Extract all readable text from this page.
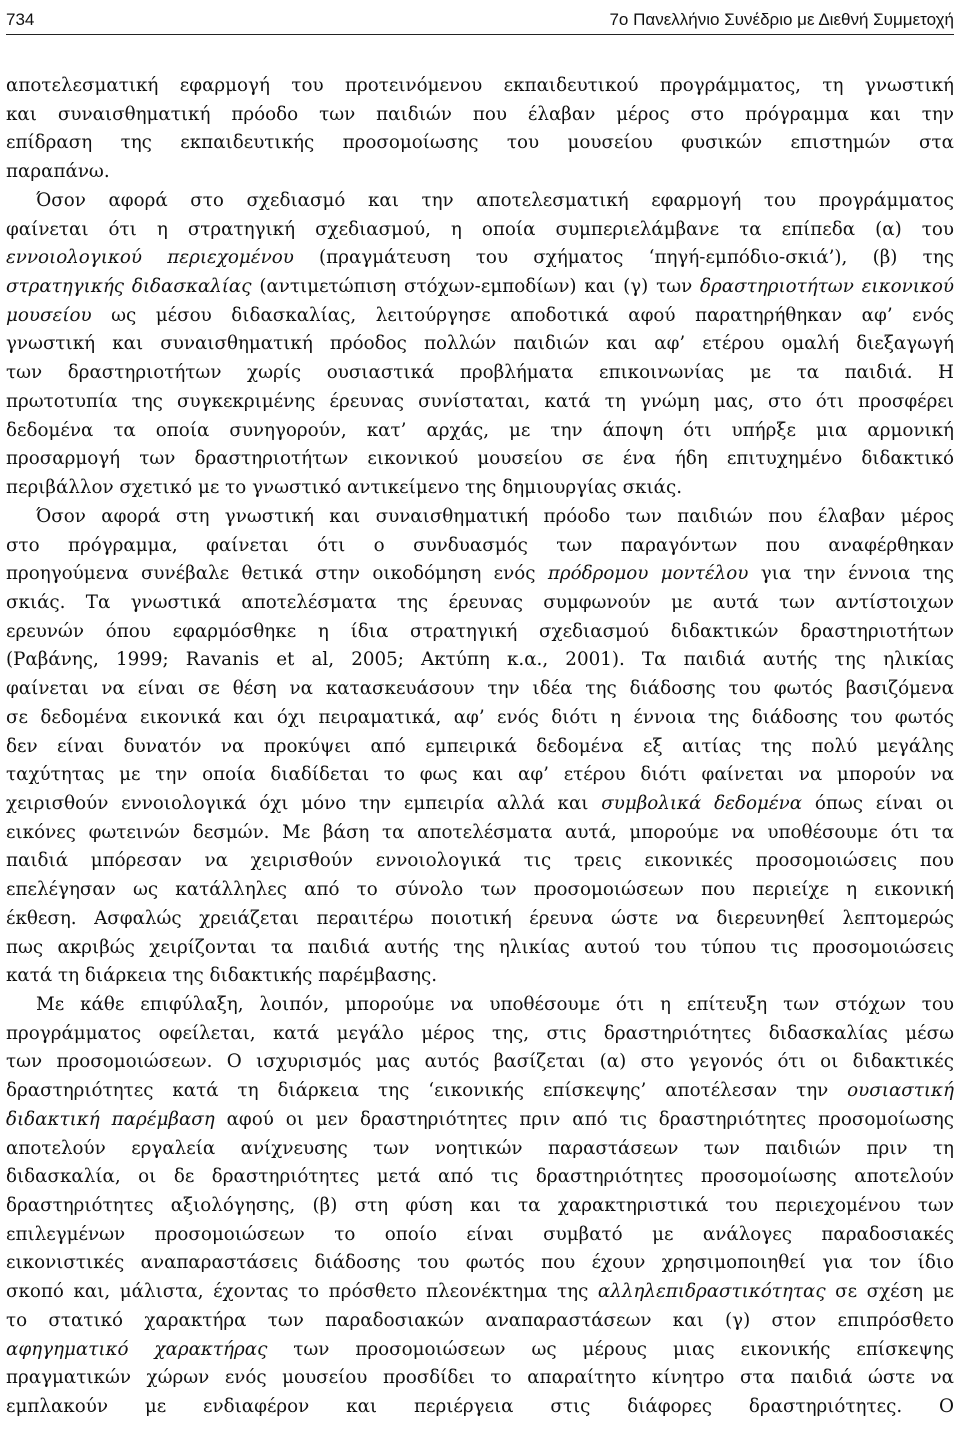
734	7ο Πανελλήνιο Συνέδριο με Διεθνή Συμμετοχή

αποτελεσματική εφαρμογή του προτεινόμενου εκπαιδευτικού προγράμματος, τη γνωστική

και συναισθηματική πρόοδο των παιδιών που έλαβαν μέρος στο πρόγραμμα και την

επίδραση της εκπαιδευτικής προσομοίωσης του μουσείου φυσικών επιστημών στα

παραπάνω.

Όσον αφορά στο σχεδιασμό και την αποτελεσματική εφαρμογή του προγράμματος

φαίνεται ότι η στρατηγική σχεδιασμού, η οποία συμπεριελάμβανε τα επίπεδα (α) του

εννοιολογικού περιεχομένου (πραγμάτευση του σχήματος ‘πηγή-εμπόδιο-σκιά’), (β) της

στρατηγικής διδασκαλίας (αντιμετώπιση στόχων-εμποδίων) και (γ) των δραστηριοτήτων εικονικού

μουσείου ως μέσου διδασκαλίας, λειτούργησε αποδοτικά αφού παρατηρήθηκαν αφ’ ενός

γνωστική και συναισθηματική πρόοδος πολλών παιδιών και αφ’ ετέρου ομαλή διεξαγωγή

των δραστηριοτήτων χωρίς ουσιαστικά προβλήματα επικοινωνίας με τα παιδιά. Η

πρωτοτυπία της συγκεκριμένης έρευνας συνίσταται, κατά τη γνώμη μας, στο ότι προσφέρει

δεδομένα τα οποία συνηγορούν, κατ’ αρχάς, με την άποψη ότι υπήρξε μια αρμονική

προσαρμογή των δραστηριοτήτων εικονικού μουσείου σε ένα ήδη επιτυχημένο διδακτικό

περιβάλλον σχετικό με το γνωστικό αντικείμενο της δημιουργίας σκιάς.

Όσον αφορά στη γνωστική και συναισθηματική πρόοδο των παιδιών που έλαβαν μέρος

στο πρόγραμμα, φαίνεται ότι ο συνδυασμός των παραγόντων που αναφέρθηκαν

προηγούμενα συνέβαλε θετικά στην οικοδόμηση ενός πρόδρομου μοντέλου για την έννοια της

σκιάς. Τα γνωστικά αποτελέσματα της έρευνας συμφωνούν με αυτά των αντίστοιχων

ερευνών όπου εφαρμόσθηκε η ίδια στρατηγική σχεδιασμού διδακτικών δραστηριοτήτων

(Ραβάνης, 1999; Ravanis et al, 2005; Ακτύπη κ.α., 2001). Τα παιδιά αυτής της ηλικίας

φαίνεται να είναι σε θέση να κατασκευάσουν την ιδέα της διάδοσης του φωτός βασιζόμενα

σε δεδομένα εικονικά και όχι πειραματικά, αφ’ ενός διότι η έννοια της διάδοσης του φωτός

δεν είναι δυνατόν να προκύψει από εμπειρικά δεδομένα εξ αιτίας της πολύ μεγάλης

ταχύτητας με την οποία διαδίδεται το φως και αφ’ ετέρου διότι φαίνεται να μπορούν να

χειρισθούν εννοιολογικά όχι μόνο την εμπειρία αλλά και συμβολικά δεδομένα όπως είναι οι

εικόνες φωτεινών δεσμών. Με βάση τα αποτελέσματα αυτά, μπορούμε να υποθέσουμε ότι τα

παιδιά μπόρεσαν να χειρισθούν εννοιολογικά τις τρεις εικονικές προσομοιώσεις που

επελέγησαν ως κατάλληλες από το σύνολο των προσομοιώσεων που περιείχε η εικονική

έκθεση. Ασφαλώς χρειάζεται περαιτέρω ποιοτική έρευνα ώστε να διερευνηθεί λεπτομερώς

πως ακριβώς χειρίζονται τα παιδιά αυτής της ηλικίας αυτού του τύπου τις προσομοιώσεις

κατά τη διάρκεια της διδακτικής παρέμβασης.

Με κάθε επιφύλαξη, λοιπόν, μπορούμε να υποθέσουμε ότι η επίτευξη των στόχων του

προγράμματος οφείλεται, κατά μεγάλο μέρος της, στις δραστηριότητες διδασκαλίας μέσω

των προσομοιώσεων. Ο ισχυρισμός μας αυτός βασίζεται (α) στο γεγονός ότι οι διδακτικές

δραστηριότητες κατά τη διάρκεια της ‘εικονικής επίσκεψης’ αποτέλεσαν την ουσιαστική

διδακτική παρέμβαση αφού οι μεν δραστηριότητες πριν από τις δραστηριότητες προσομοίωσης

αποτελούν εργαλεία ανίχνευσης των νοητικών παραστάσεων των παιδιών πριν τη

διδασκαλία, οι δε δραστηριότητες μετά από τις δραστηριότητες προσομοίωσης αποτελούν

δραστηριότητες αξιολόγησης, (β) στη φύση και τα χαρακτηριστικά του περιεχομένου των

επιλεγμένων προσομοιώσεων το οποίο είναι συμβατό με ανάλογες παραδοσιακές

εικονιστικές αναπαραστάσεις διάδοσης του φωτός που έχουν χρησιμοποιηθεί για τον ίδιο

σκοπό και, μάλιστα, έχοντας το πρόσθετο πλεονέκτημα της αλληλεπιδραστικότητας σε σχέση με

το στατικό χαρακτήρα των παραδοσιακών αναπαραστάσεων και (γ) στον επιπρόσθετο

αφηγηματικό χαρακτήρας των προσομοιώσεων ως μέρους μιας εικονικής επίσκεψης

πραγματικών χώρων ενός μουσείου προσδίδει το απαραίτητο κίνητρο στα παιδιά ώστε να

εμπλακούν με ενδιαφέρον και περιέργεια στις διάφορες δραστηριότητες. Ο
